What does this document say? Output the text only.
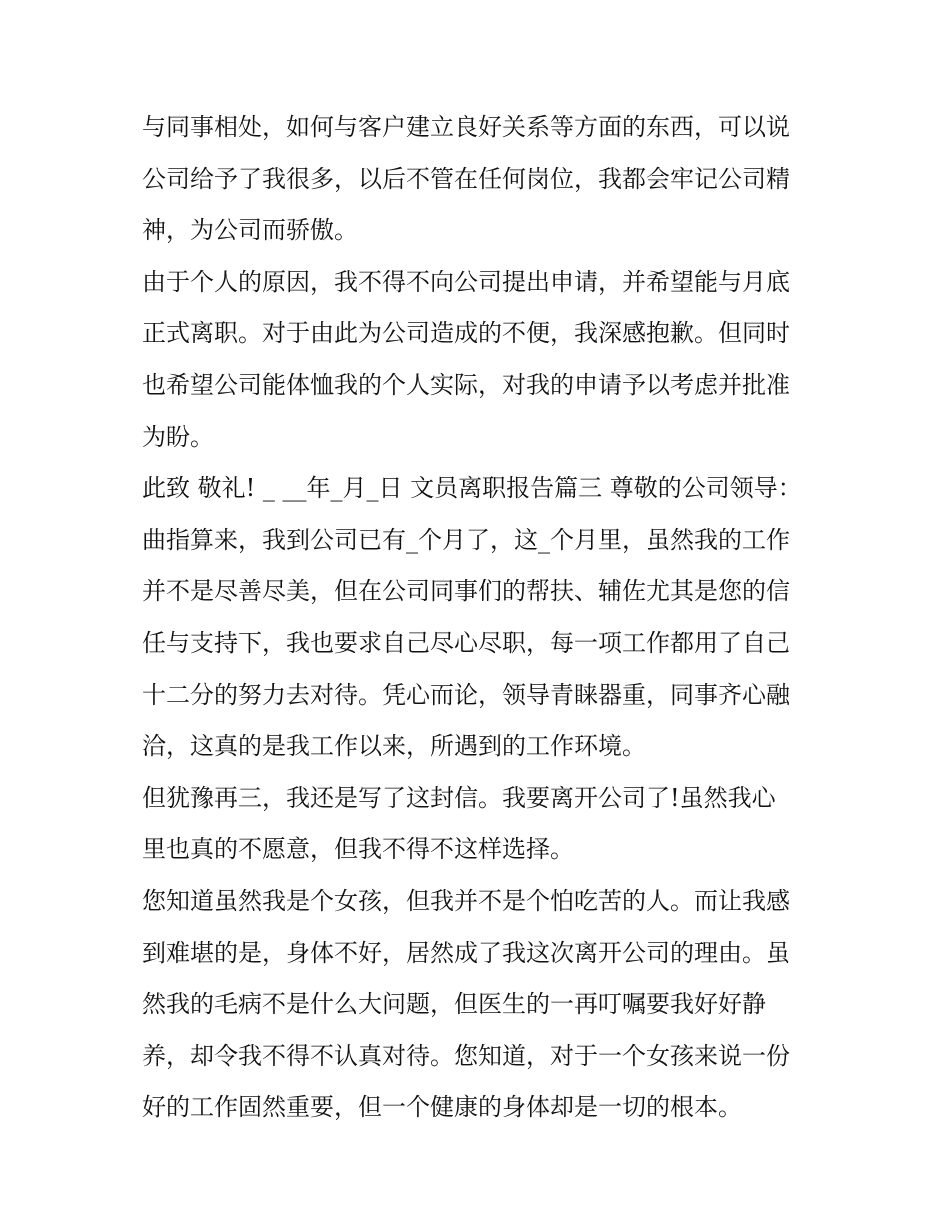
与同事相处，如何与客户建立良好关系等方面的东西，可以说
公司给予了我很多，以后不管在任何岗位，我都会牢记公司精
神，为公司而骄傲。
由于个人的原因，我不得不向公司提出申请，并希望能与月底
正式离职。对于由此为公司造成的不便，我深感抱歉。但同时
也希望公司能体恤我的个人实际，对我的申请予以考虑并批准
为盼。
此致 敬礼! _ __年_月_日 文员离职报告篇三 尊敬的公司领导：
曲指算来，我到公司已有_个月了，这_个月里，虽然我的工作
并不是尽善尽美，但在公司同事们的帮扶、辅佐尤其是您的信
任与支持下，我也要求自己尽心尽职，每一项工作都用了自己
十二分的努力去对待。凭心而论，领导青睐器重，同事齐心融
洽，这真的是我工作以来，所遇到的工作环境。
但犹豫再三，我还是写了这封信。我要离开公司了!虽然我心
里也真的不愿意，但我不得不这样选择。
您知道虽然我是个女孩，但我并不是个怕吃苦的人。而让我感
到难堪的是，身体不好，居然成了我这次离开公司的理由。虽
然我的毛病不是什么大问题，但医生的一再叮嘱要我好好静
养，却令我不得不认真对待。您知道，对于一个女孩来说一份
好的工作固然重要，但一个健康的身体却是一切的根本。
